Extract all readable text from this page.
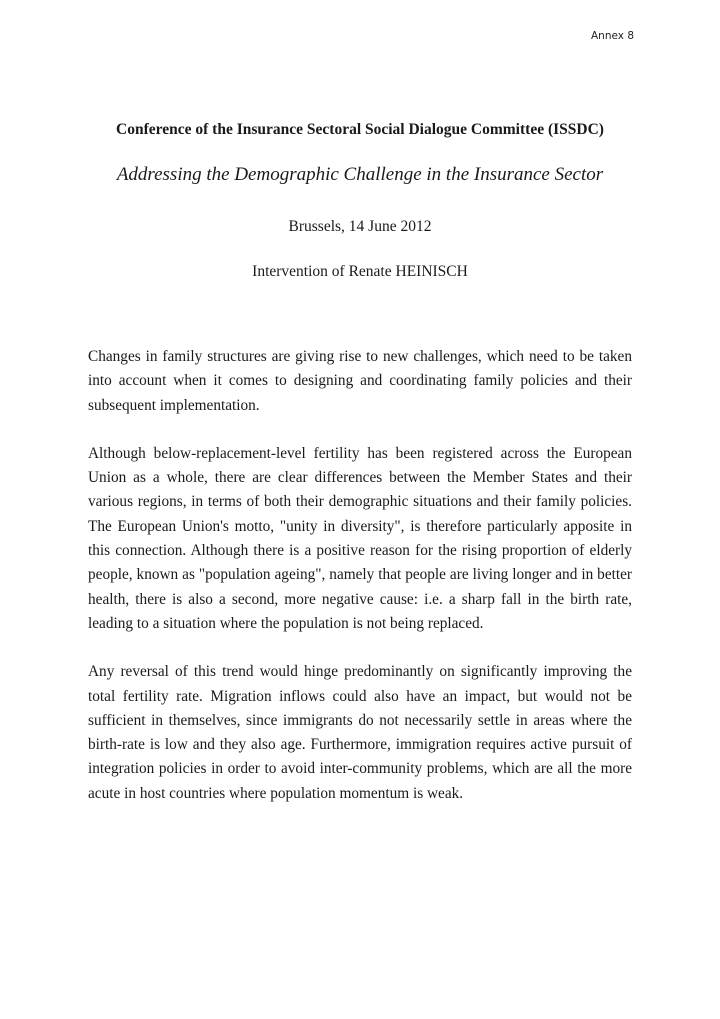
Annex 8
Conference of the Insurance Sectoral Social Dialogue Committee (ISSDC)
Addressing the Demographic Challenge in the Insurance Sector
Brussels, 14 June 2012
Intervention of Renate HEINISCH

Changes in family structures are giving rise to new challenges, which need to be taken into account when it comes to designing and coordinating family policies and their subsequent implementation.

Although below-replacement-level fertility has been registered across the European Union as a whole, there are clear differences between the Member States and their various regions, in terms of both their demographic situations and their family policies. The European Union's motto, "unity in diversity", is therefore particularly apposite in this connection. Although there is a positive reason for the rising proportion of elderly people, known as "population ageing", namely that people are living longer and in better health, there is also a second, more negative cause: i.e. a sharp fall in the birth rate, leading to a situation where the population is not being replaced.

Any reversal of this trend would hinge predominantly on significantly improving the total fertility rate. Migration inflows could also have an impact, but would not be sufficient in themselves, since immigrants do not necessarily settle in areas where the birth-rate is low and they also age. Furthermore, immigration requires active pursuit of integration policies in order to avoid inter-community problems, which are all the more acute in host countries where population momentum is weak.
